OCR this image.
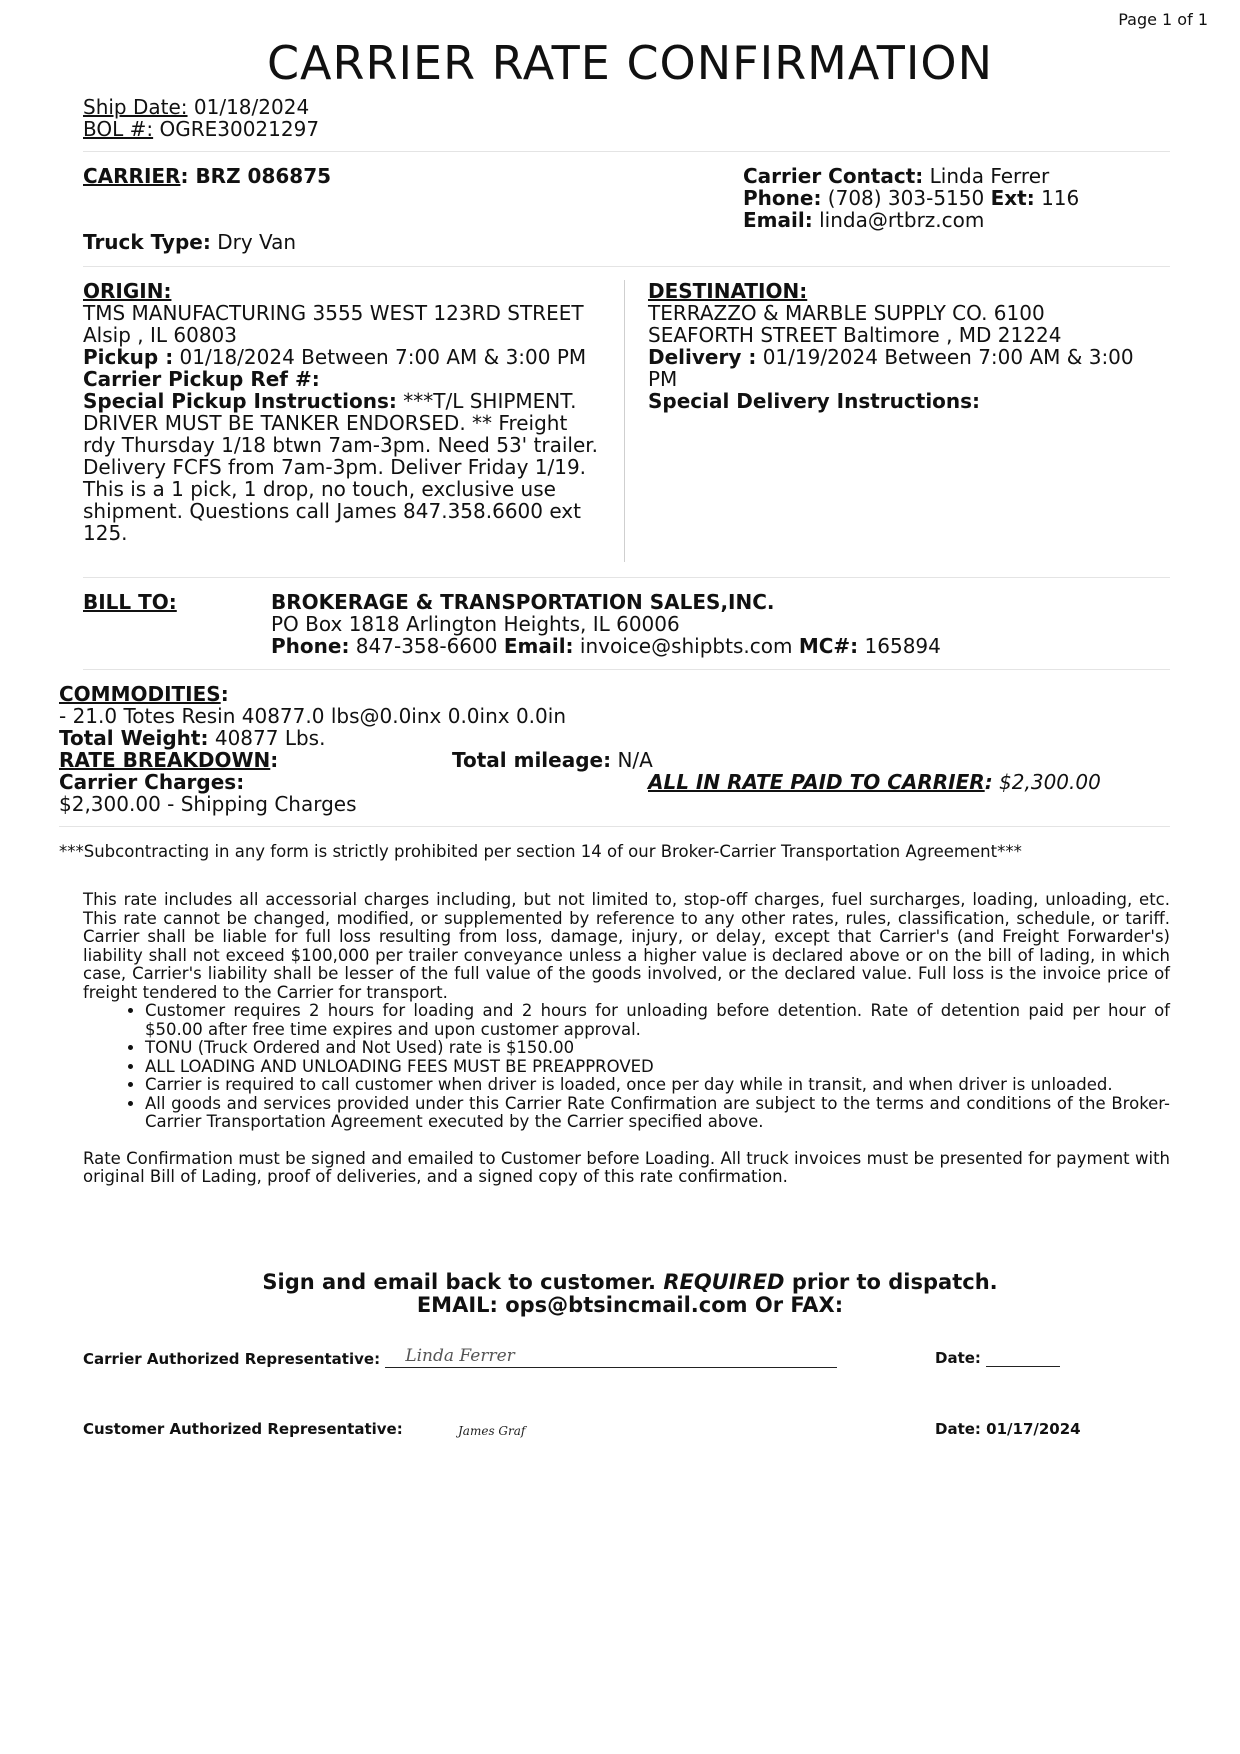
Page 1 of 1
CARRIER RATE CONFIRMATION
Ship Date: 01/18/2024
BOL #: OGRE30021297
CARRIER: BRZ 086875	Carrier Contact: Linda Ferrer
Phone: (708) 303-5150 Ext: 116
Email: linda@rtbrz.com
Truck Type: Dry Van
ORIGIN:
TMS MANUFACTURING 3555 WEST 123RD STREET Alsip , IL 60803
Pickup : 01/18/2024 Between 7:00 AM & 3:00 PM
Carrier Pickup Ref #:
Special Pickup Instructions: ***T/L SHIPMENT. DRIVER MUST BE TANKER ENDORSED. ** Freight rdy Thursday 1/18 btwn 7am-3pm. Need 53' trailer. Delivery FCFS from 7am-3pm. Deliver Friday 1/19. This is a 1 pick, 1 drop, no touch, exclusive use shipment. Questions call James 847.358.6600 ext 125.
DESTINATION:
TERRAZZO & MARBLE SUPPLY CO. 6100 SEAFORTH STREET Baltimore , MD 21224
Delivery : 01/19/2024 Between 7:00 AM & 3:00 PM
Special Delivery Instructions:
BILL TO:	BROKERAGE & TRANSPORTATION SALES,INC.
PO Box 1818 Arlington Heights, IL 60006
Phone: 847-358-6600 Email: invoice@shipbts.com MC#: 165894
COMMODITIES:
- 21.0 Totes Resin 40877.0 lbs@0.0inx 0.0inx 0.0in
Total Weight: 40877 Lbs.
RATE BREAKDOWN:
Carrier Charges:
$2,300.00 - Shipping Charges
Total mileage: N/A
ALL IN RATE PAID TO CARRIER: $2,300.00
***Subcontracting in any form is strictly prohibited per section 14 of our Broker-Carrier Transportation Agreement***
This rate includes all accessorial charges including, but not limited to, stop-off charges, fuel surcharges, loading, unloading, etc. This rate cannot be changed, modified, or supplemented by reference to any other rates, rules, classification, schedule, or tariff. Carrier shall be liable for full loss resulting from loss, damage, injury, or delay, except that Carrier's (and Freight Forwarder's) liability shall not exceed $100,000 per trailer conveyance unless a higher value is declared above or on the bill of lading, in which case, Carrier's liability shall be lesser of the full value of the goods involved, or the declared value. Full loss is the invoice price of freight tendered to the Carrier for transport.
• Customer requires 2 hours for loading and 2 hours for unloading before detention. Rate of detention paid per hour of $50.00 after free time expires and upon customer approval.
• TONU (Truck Ordered and Not Used) rate is $150.00
• ALL LOADING AND UNLOADING FEES MUST BE PREAPPROVED
• Carrier is required to call customer when driver is loaded, once per day while in transit, and when driver is unloaded.
• All goods and services provided under this Carrier Rate Confirmation are subject to the terms and conditions of the Broker-Carrier Transportation Agreement executed by the Carrier specified above.
Rate Confirmation must be signed and emailed to Customer before Loading. All truck invoices must be presented for payment with original Bill of Lading, proof of deliveries, and a signed copy of this rate confirmation.
Sign and email back to customer. REQUIRED prior to dispatch.
EMAIL: ops@btsincmail.com Or FAX:
Carrier Authorized Representative: Linda Ferrer	Date:
Customer Authorized Representative:	James Graf	Date: 01/17/2024
